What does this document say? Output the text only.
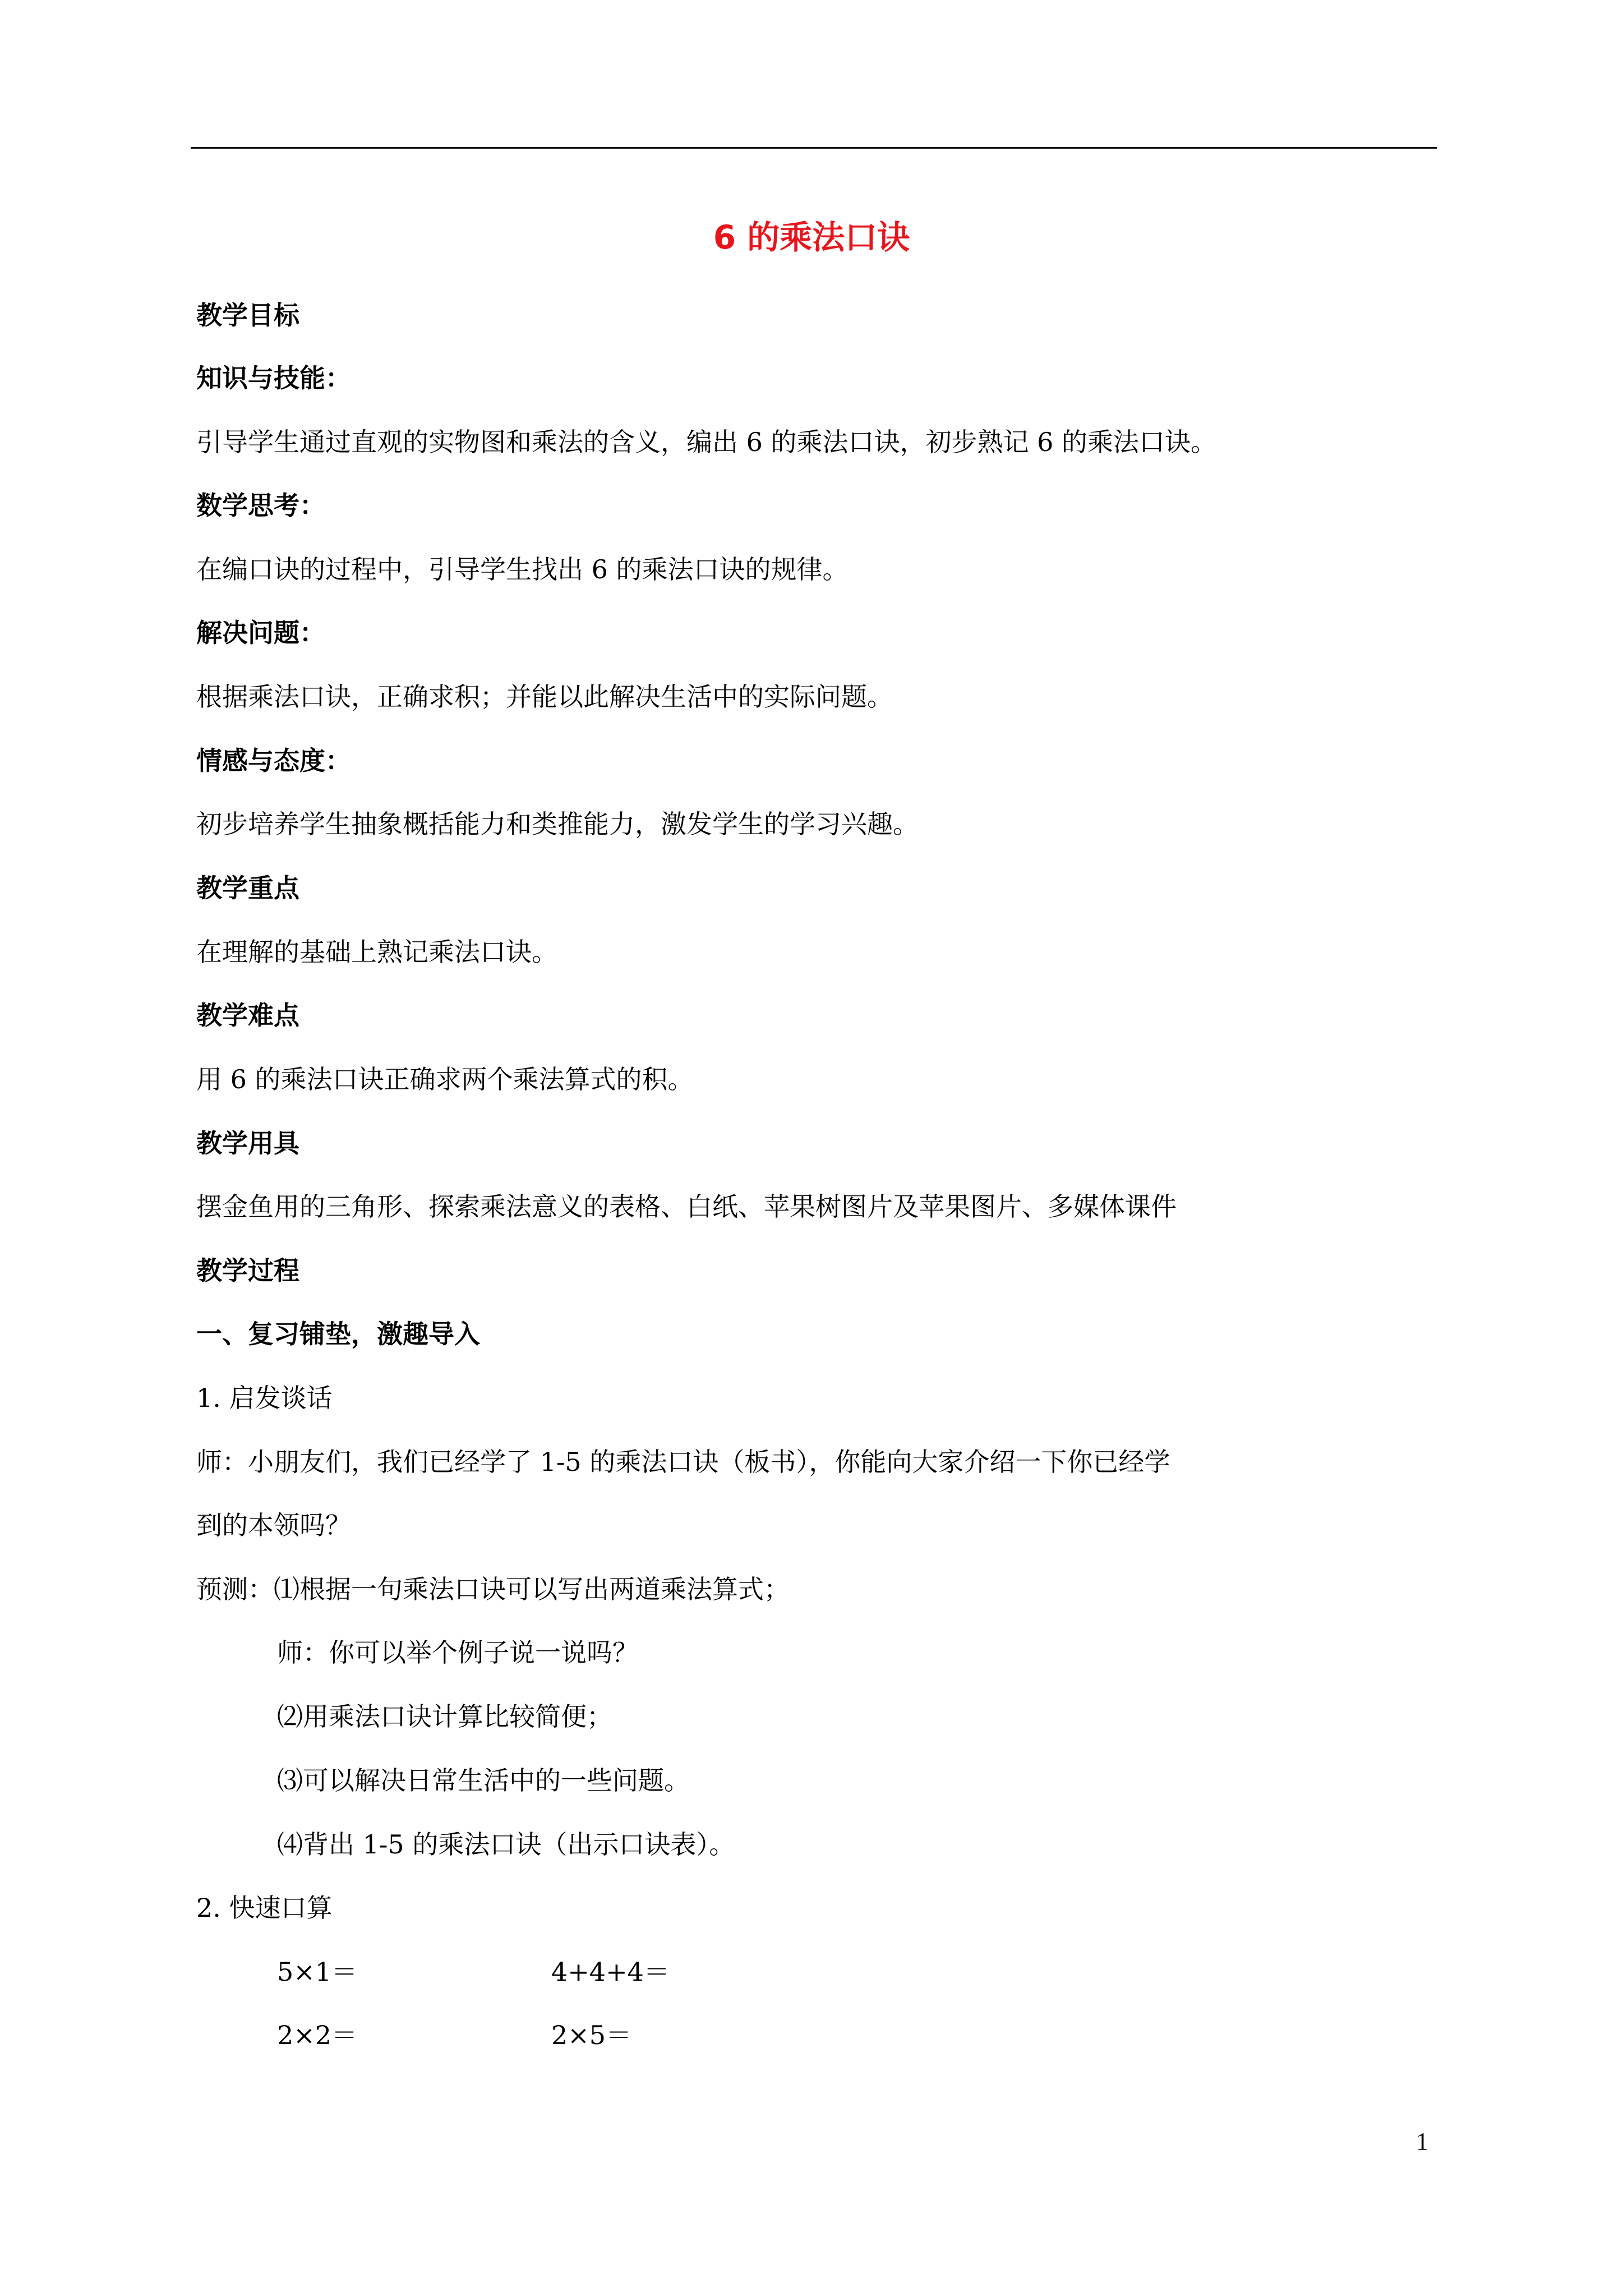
6 的乘法口诀
教学目标
知识与技能：
引导学生通过直观的实物图和乘法的含义，编出 6 的乘法口诀，初步熟记 6 的乘法口诀。
数学思考：
在编口诀的过程中，引导学生找出 6 的乘法口诀的规律。
解决问题：
根据乘法口诀，正确求积；并能以此解决生活中的实际问题。
情感与态度：
初步培养学生抽象概括能力和类推能力，激发学生的学习兴趣。
教学重点
在理解的基础上熟记乘法口诀。
教学难点
用 6 的乘法口诀正确求两个乘法算式的积。
教学用具
摆金鱼用的三角形、探索乘法意义的表格、白纸、苹果树图片及苹果图片、多媒体课件
教学过程
一、复习铺垫，激趣导入
1. 启发谈话
师：小朋友们，我们已经学了 1-5 的乘法口诀（板书），你能向大家介绍一下你已经学
到的本领吗？
预测：⑴根据一句乘法口诀可以写出两道乘法算式；
师：你可以举个例子说一说吗？
⑵用乘法口诀计算比较简便；
⑶可以解决日常生活中的一些问题。
⑷背出 1-5 的乘法口诀（出示口诀表）。
2. 快速口算
5×1＝	4+4+4＝
2×2＝	2×5＝
1
